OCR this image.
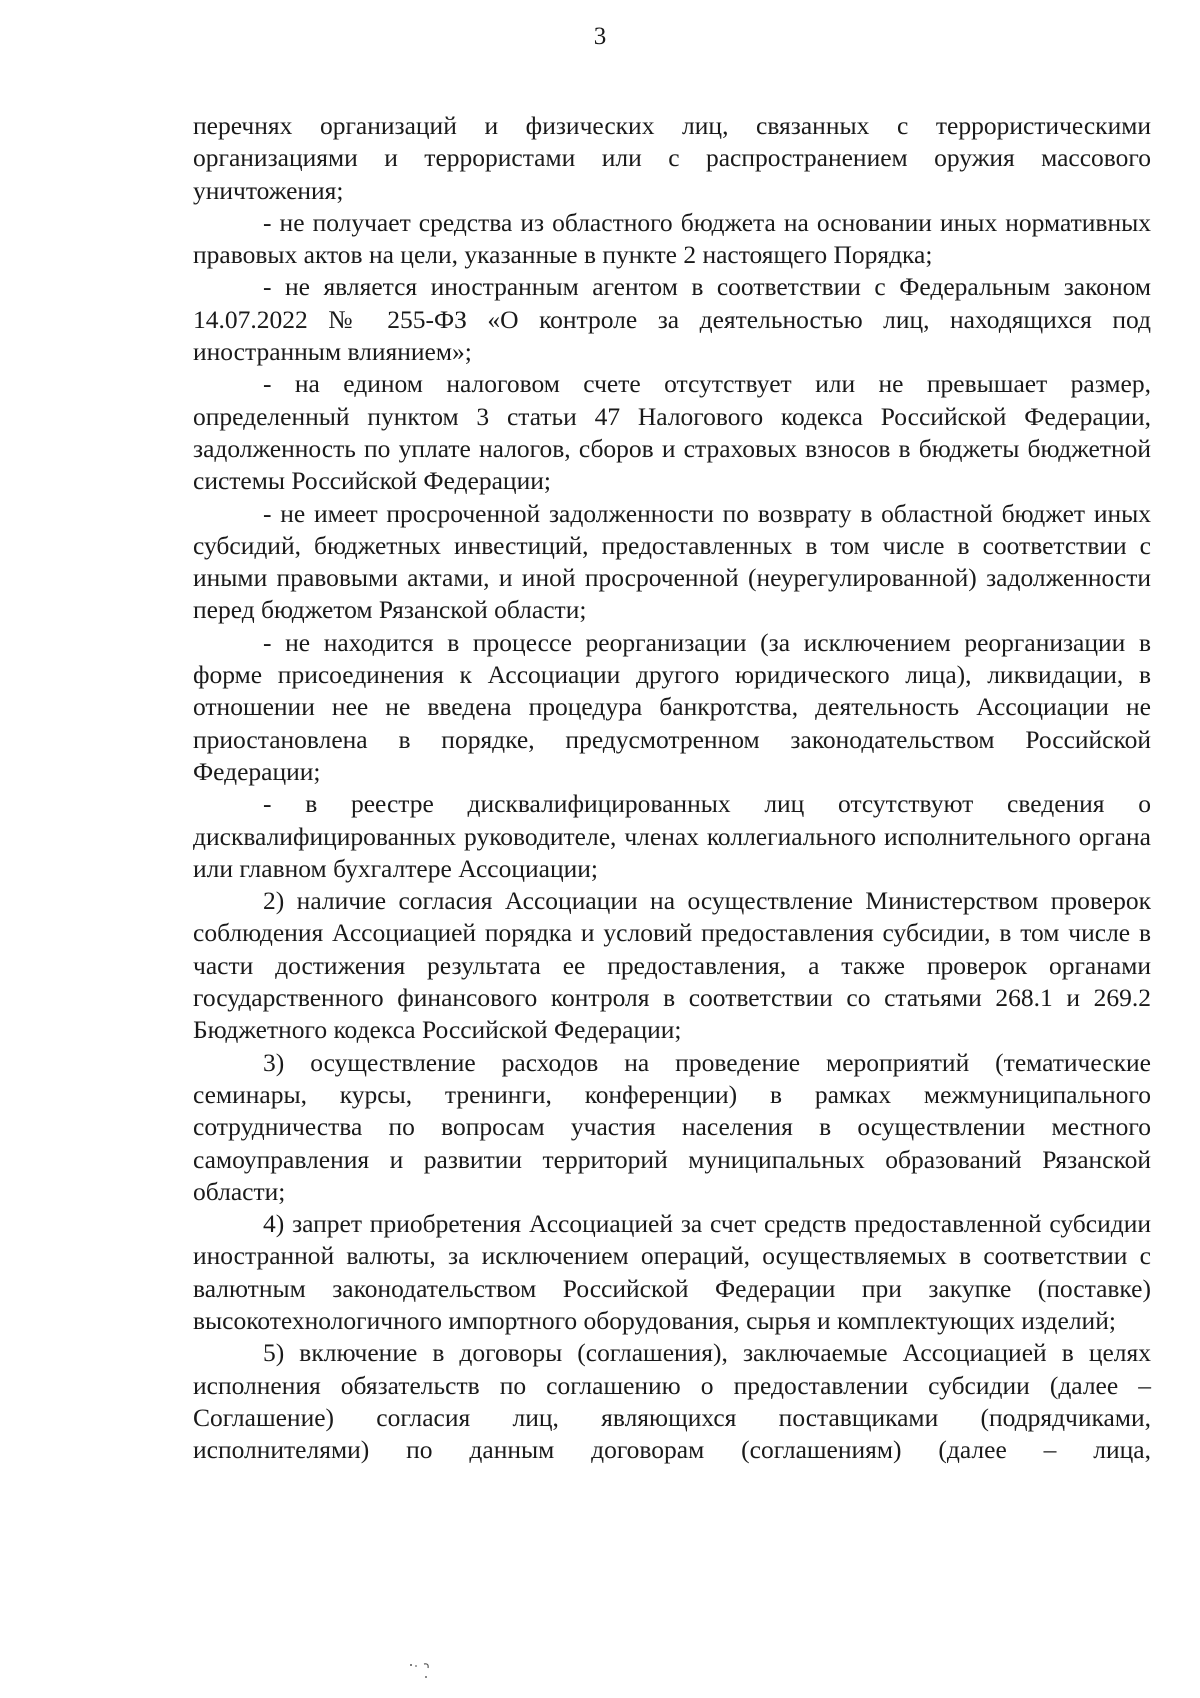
3

перечнях организаций и физических лиц, связанных с террористическими организациями и террористами или с распространением оружия массового уничтожения;

- не получает средства из областного бюджета на основании иных нормативных правовых актов на цели, указанные в пункте 2 настоящего Порядка;

- не является иностранным агентом в соответствии с Федеральным законом 14.07.2022 № 255-ФЗ «О контроле за деятельностью лиц, находящихся под иностранным влиянием»;

- на едином налоговом счете отсутствует или не превышает размер, определенный пунктом 3 статьи 47 Налогового кодекса Российской Федерации, задолженность по уплате налогов, сборов и страховых взносов в бюджеты бюджетной системы Российской Федерации;

- не имеет просроченной задолженности по возврату в областной бюджет иных субсидий, бюджетных инвестиций, предоставленных в том числе в соответствии с иными правовыми актами, и иной просроченной (неурегулированной) задолженности перед бюджетом Рязанской области;

- не находится в процессе реорганизации (за исключением реорганизации в форме присоединения к Ассоциации другого юридического лица), ликвидации, в отношении нее не введена процедура банкротства, деятельность Ассоциации не приостановлена в порядке, предусмотренном законодательством Российской Федерации;

- в реестре дисквалифицированных лиц отсутствуют сведения о дисквалифицированных руководителе, членах коллегиального исполнительного органа или главном бухгалтере Ассоциации;

2) наличие согласия Ассоциации на осуществление Министерством проверок соблюдения Ассоциацией порядка и условий предоставления субсидии, в том числе в части достижения результата ее предоставления, а также проверок органами государственного финансового контроля в соответствии со статьями 268.1 и 269.2 Бюджетного кодекса Российской Федерации;

3) осуществление расходов на проведение мероприятий (тематические семинары, курсы, тренинги, конференции) в рамках межмуниципального сотрудничества по вопросам участия населения в осуществлении местного самоуправления и развитии территорий муниципальных образований Рязанской области;

4) запрет приобретения Ассоциацией за счет средств предоставленной субсидии иностранной валюты, за исключением операций, осуществляемых в соответствии с валютным законодательством Российской Федерации при закупке (поставке) высокотехнологичного импортного оборудования, сырья и комплектующих изделий;

5) включение в договоры (соглашения), заключаемые Ассоциацией в целях исполнения обязательств по соглашению о предоставлении субсидии (далее – Соглашение) согласия лиц, являющихся поставщиками (подрядчиками, исполнителями) по данным договорам (соглашениям) (далее – лица,
